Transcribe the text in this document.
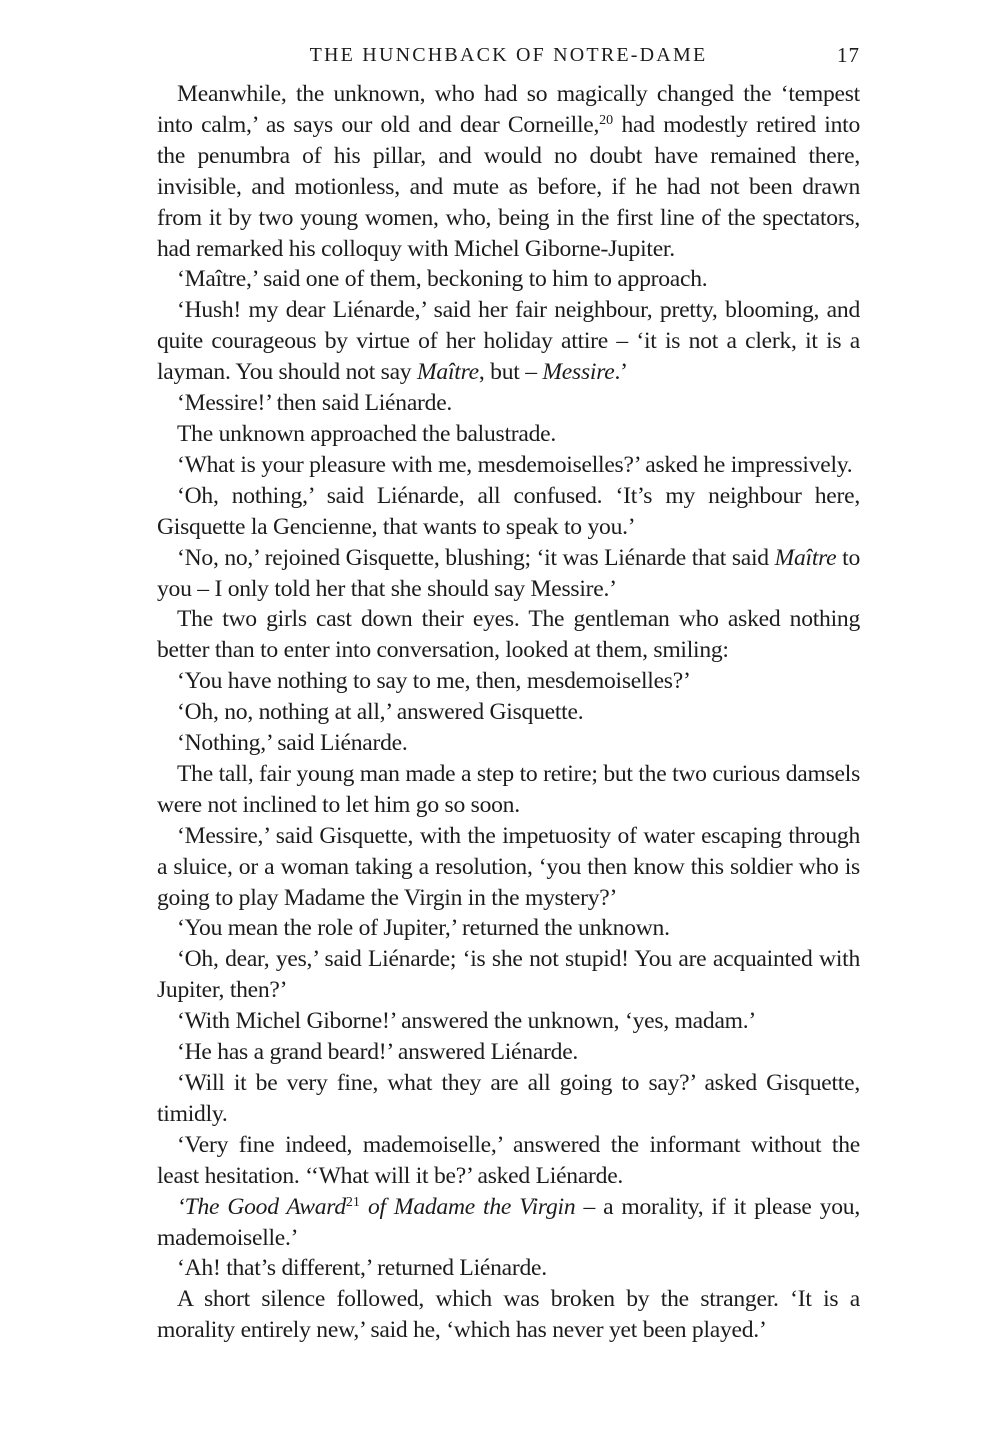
THE HUNCHBACK OF NOTRE-DAME	17

Meanwhile, the unknown, who had so magically changed the ‘tempest into calm,’ as says our old and dear Corneille,$^{20}$ had modestly retired into the penumbra of his pillar, and would no doubt have remained there, invisible, and motionless, and mute as before, if he had not been drawn from it by two young women, who, being in the first line of the spectators, had remarked his colloquy with Michel Giborne-Jupiter.

‘Maître,’ said one of them, beckoning to him to approach.

‘Hush! my dear Liénarde,’ said her fair neighbour, pretty, blooming, and quite courageous by virtue of her holiday attire – ‘it is not a clerk, it is a layman. You should not say Maître, but – Messire.’

‘Messire!’ then said Liénarde.

The unknown approached the balustrade.

‘What is your pleasure with me, mesdemoiselles?’ asked he impressively.

‘Oh, nothing,’ said Liénarde, all confused. ‘It’s my neighbour here, Gisquette la Gencienne, that wants to speak to you.’

‘No, no,’ rejoined Gisquette, blushing; ‘it was Liénarde that said Maître to you – I only told her that she should say Messire.’

The two girls cast down their eyes. The gentleman who asked nothing better than to enter into conversation, looked at them, smiling:

‘You have nothing to say to me, then, mesdemoiselles?’

‘Oh, no, nothing at all,’ answered Gisquette.

‘Nothing,’ said Liénarde.

The tall, fair young man made a step to retire; but the two curious damsels were not inclined to let him go so soon.

‘Messire,’ said Gisquette, with the impetuosity of water escaping through a sluice, or a woman taking a resolution, ‘you then know this soldier who is going to play Madame the Virgin in the mystery?’

‘You mean the role of Jupiter,’ returned the unknown.

‘Oh, dear, yes,’ said Liénarde; ‘is she not stupid! You are acquainted with Jupiter, then?’

‘With Michel Giborne!’ answered the unknown, ‘yes, madam.’

‘He has a grand beard!’ answered Liénarde.

‘Will it be very fine, what they are all going to say?’ asked Gisquette, timidly.

‘Very fine indeed, mademoiselle,’ answered the informant without the least hesitation. ‘‘What will it be?’ asked Liénarde.

‘The Good Award$^{21}$ of Madame the Virgin – a morality, if it please you, mademoiselle.’

‘Ah! that’s different,’ returned Liénarde.

A short silence followed, which was broken by the stranger. ‘It is a morality entirely new,’ said he, ‘which has never yet been played.’
